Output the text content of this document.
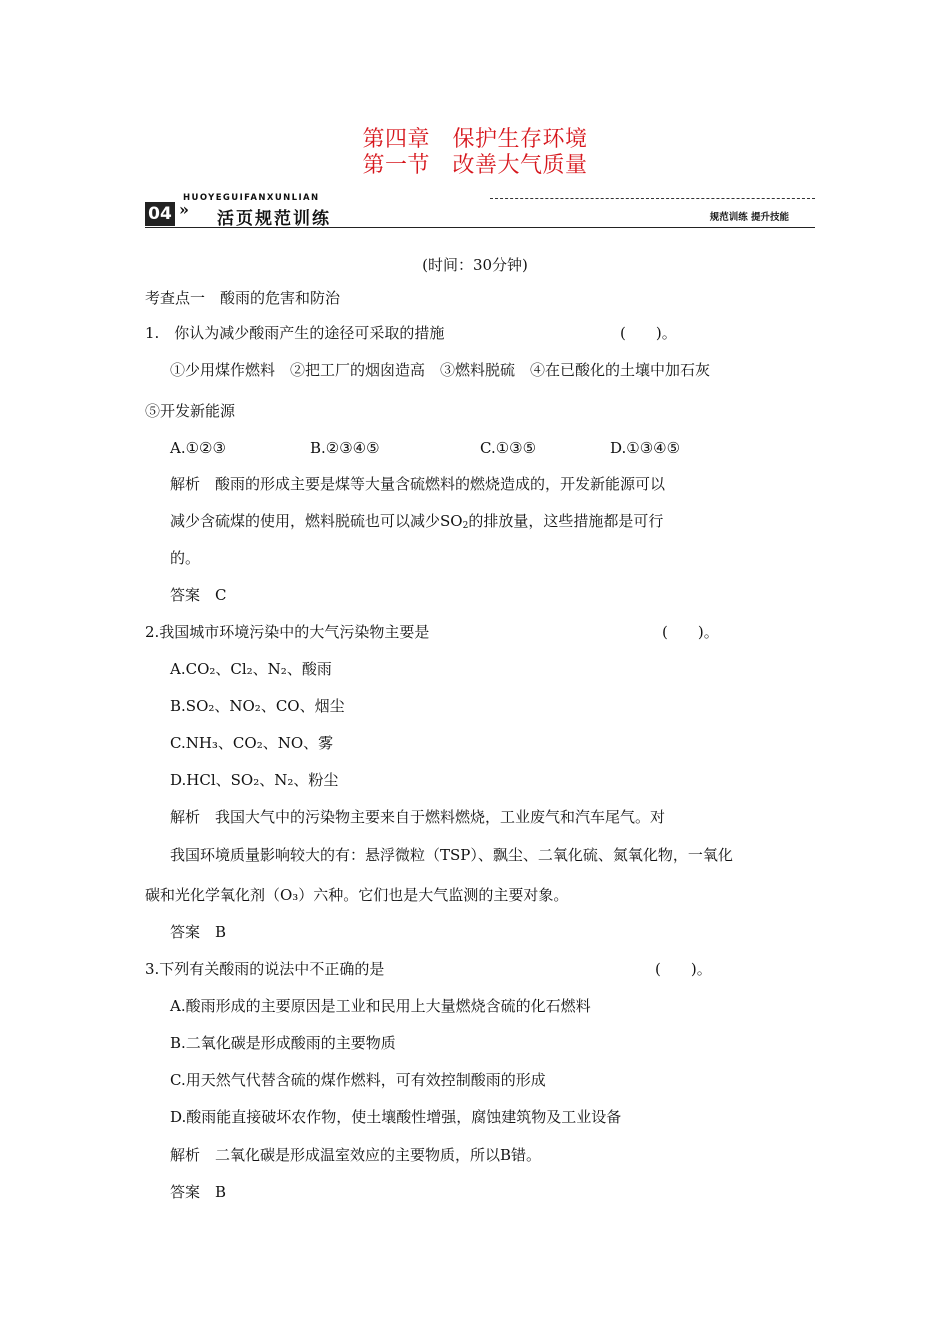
第四章　保护生存环境
第一节　改善大气质量
HUOYEGUIFANXUNLIAN
04 » 活页规范训练	规范训练 提升技能
(时间：30分钟)
考查点一　酸雨的危害和防治
1.　你认为减少酸雨产生的途径可采取的措施	(　　)。
①少用煤作燃料　②把工厂的烟囱造高　③燃料脱硫　④在已酸化的土壤中加石灰
⑤开发新能源
A.①②③	B.②③④⑤	C.①③⑤	D.①③④⑤
解析　酸雨的形成主要是煤等大量含硫燃料的燃烧造成的，开发新能源可以
减少含硫煤的使用，燃料脱硫也可以减少$SO_2$的排放量，这些措施都是可行
的。
答案　C
2.我国城市环境污染中的大气污染物主要是	(　　)。
A.CO₂、Cl₂、N₂、酸雨
B.SO₂、NO₂、CO、烟尘
C.NH₃、CO₂、NO、雾
D.HCl、SO₂、N₂、粉尘
解析　我国大气中的污染物主要来自于燃料燃烧，工业废气和汽车尾气。对
我国环境质量影响较大的有：悬浮微粒（TSP）、飘尘、二氧化硫、氮氧化物，一氧化
碳和光化学氧化剂（O₃）六种。它们也是大气监测的主要对象。
答案　B
3.下列有关酸雨的说法中不正确的是	(　　)。
A.酸雨形成的主要原因是工业和民用上大量燃烧含硫的化石燃料
B.二氧化碳是形成酸雨的主要物质
C.用天然气代替含硫的煤作燃料，可有效控制酸雨的形成
D.酸雨能直接破坏农作物，使土壤酸性增强，腐蚀建筑物及工业设备
解析　二氧化碳是形成温室效应的主要物质，所以B错。
答案　B
